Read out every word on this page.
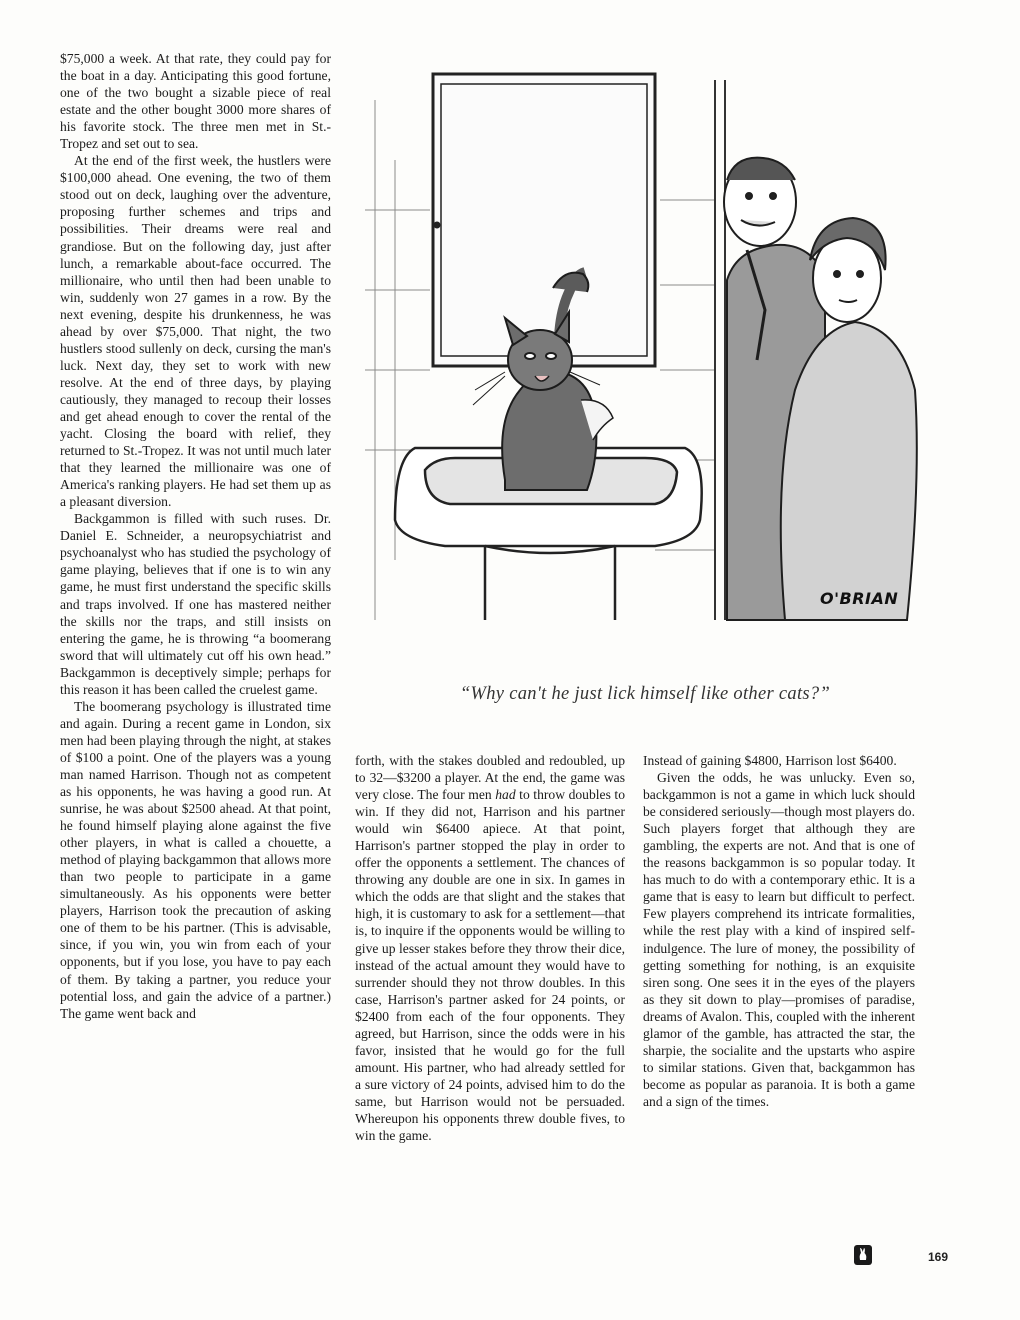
$75,000 a week. At that rate, they could pay for the boat in a day. Anticipating this good fortune, one of the two bought a sizable piece of real estate and the other bought 3000 more shares of his favorite stock. The three men met in St.-Tropez and set out to sea.

At the end of the first week, the hustlers were $100,000 ahead. One evening, the two of them stood out on deck, laughing over the adventure, proposing further schemes and trips and possibilities. Their dreams were real and grandiose. But on the following day, just after lunch, a remarkable about-face occurred. The millionaire, who until then had been unable to win, suddenly won 27 games in a row. By the next evening, despite his drunkenness, he was ahead by over $75,000. That night, the two hustlers stood sullenly on deck, cursing the man's luck. Next day, they set to work with new resolve. At the end of three days, by playing cautiously, they managed to recoup their losses and get ahead enough to cover the rental of the yacht. Closing the board with relief, they returned to St.-Tropez. It was not until much later that they learned the millionaire was one of America's ranking players. He had set them up as a pleasant diversion.

Backgammon is filled with such ruses. Dr. Daniel E. Schneider, a neuropsychiatrist and psychoanalyst who has studied the psychology of game playing, believes that if one is to win any game, he must first understand the specific skills and traps involved. If one has mastered neither the skills nor the traps, and still insists on entering the game, he is throwing “a boomerang sword that will ultimately cut off his own head.” Backgammon is deceptively simple; perhaps for this reason it has been called the cruelest game.

The boomerang psychology is illustrated time and again. During a recent game in London, six men had been playing through the night, at stakes of $100 a point. One of the players was a young man named Harrison. Though not as competent as his opponents, he was having a good run. At sunrise, he was about $2500 ahead. At that point, he found himself playing alone against the five other players, in what is called a chouette, a method of playing backgammon that allows more than two people to participate in a game simultaneously. As his opponents were better players, Harrison took the precaution of asking one of them to be his partner. (This is advisable, since, if you win, you win from each of your opponents, but if you lose, you have to pay each of them. By taking a partner, you reduce your potential loss, and gain the advice of a partner.) The game went back and

O'BRIAN
“Why can't he just lick himself like other cats?”

forth, with the stakes doubled and redoubled, up to 32—$3200 a player. At the end, the game was very close. The four men had to throw doubles to win. If they did not, Harrison and his partner would win $6400 apiece. At that point, Harrison's partner stopped the play in order to offer the opponents a settlement. The chances of throwing any double are one in six. In games in which the odds are that slight and the stakes that high, it is customary to ask for a settlement—that is, to inquire if the opponents would be willing to give up lesser stakes before they throw their dice, instead of the actual amount they would have to surrender should they not throw doubles. In this case, Harrison's partner asked for 24 points, or $2400 from each of the four opponents. They agreed, but Harrison, since the odds were in his favor, insisted that he would go for the full amount. His partner, who had already settled for a sure victory of 24 points, advised him to do the same, but Harrison would not be persuaded. Whereupon his opponents threw double fives, to win the game.

Instead of gaining $4800, Harrison lost $6400.

Given the odds, he was unlucky. Even so, backgammon is not a game in which luck should be considered seriously—though most players do. Such players forget that although they are gambling, the experts are not. And that is one of the reasons backgammon is so popular today. It has much to do with a contemporary ethic. It is a game that is easy to learn but difficult to perfect. Few players comprehend its intricate formalities, while the rest play with a kind of inspired self-indulgence. The lure of money, the possibility of getting something for nothing, is an exquisite siren song. One sees it in the eyes of the players as they sit down to play—promises of paradise, dreams of Avalon. This, coupled with the inherent glamor of the gamble, has attracted the star, the sharpie, the socialite and the upstarts who aspire to similar stations. Given that, backgammon has become as popular as paranoia. It is both a game and a sign of the times.

169
